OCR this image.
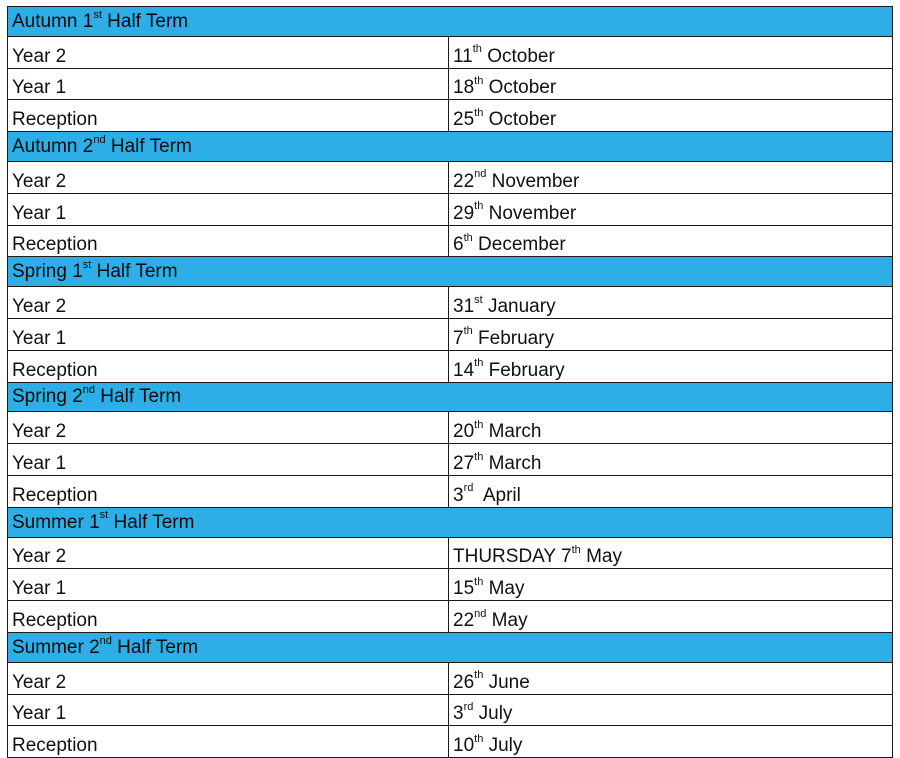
Autumn 1st Half Term	
Year 2	11th October
Year 1	18th October
Reception	25th October
Autumn 2nd Half Term	
Year 2	22nd November
Year 1	29th November
Reception	6th December
Spring 1st Half Term	
Year 2	31st January
Year 1	7th February
Reception	14th February
Spring 2nd Half Term	
Year 2	20th March
Year 1	27th March
Reception	3rd  April
Summer 1st Half Term	
Year 2	THURSDAY 7th May
Year 1	15th May
Reception	22nd May
Summer 2nd Half Term	
Year 2	26th June
Year 1	3rd July
Reception	10th July
